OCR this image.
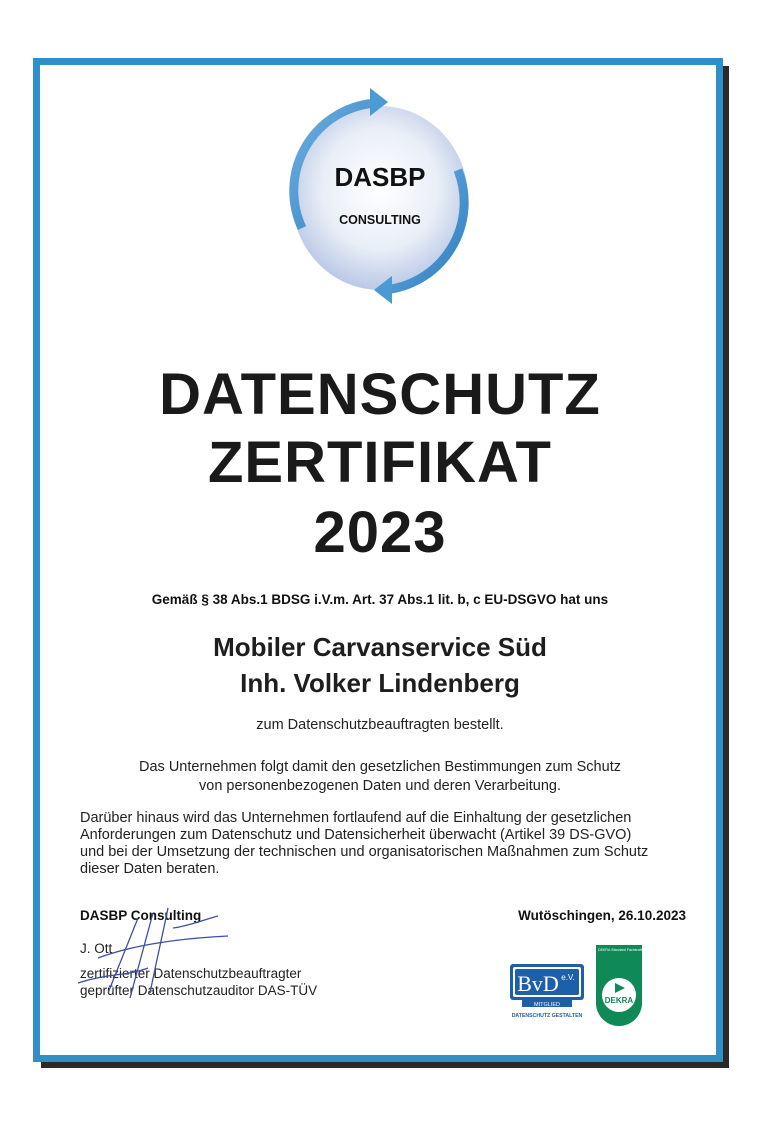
DASBP
CONSULTING
DATENSCHUTZ
ZERTIFIKAT
2023
Gemäß § 38 Abs.1 BDSG i.V.m. Art. 37 Abs.1 lit. b, c EU-DSGVO hat uns
Mobiler Carvanservice Süd
Inh. Volker Lindenberg
zum Datenschutzbeauftragten bestellt.
Das Unternehmen folgt damit den gesetzlichen Bestimmungen zum Schutz
von personenbezogenen Daten und deren Verarbeitung.
Darüber hinaus wird das Unternehmen fortlaufend auf die Einhaltung der gesetzlichen
Anforderungen zum Datenschutz und Datensicherheit überwacht (Artikel 39 DS-GVO)
und bei der Umsetzung der technischen und organisatorischen Maßnahmen zum Schutz
dieser Daten beraten.
DASBP Consulting	Wutöschingen, 26.10.2023
J. Ott
zertifizierter Datenschutzbeauftragter
geprüfter Datenschutzauditor DAS-TÜV	BvD e.V.
MITGLIED
DATENSCHUTZ GESTALTEN
DEKRA Standard Fachkraft für Datenschutz
DEKRA
